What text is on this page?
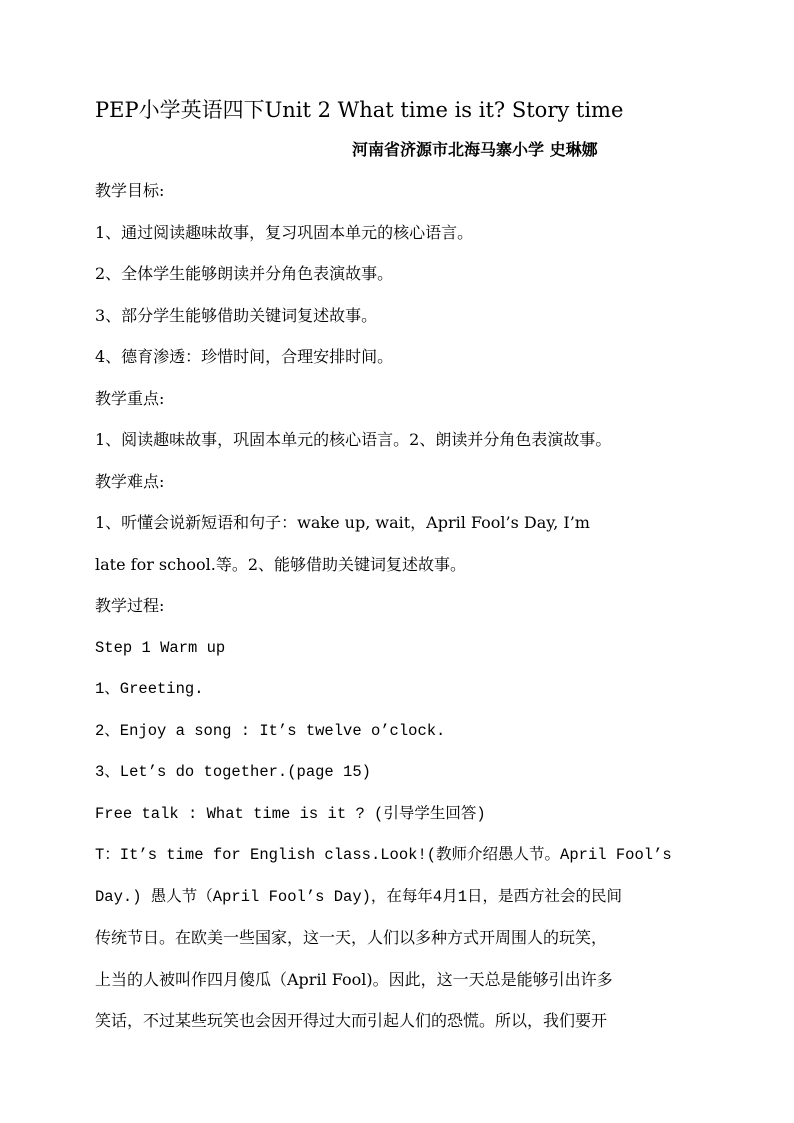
PEP小学英语四下Unit 2 What time is it? Story time
河南省济源市北海马寨小学 史琳娜
教学目标:
1、通过阅读趣味故事，复习巩固本单元的核心语言。
2、全体学生能够朗读并分角色表演故事。
3、部分学生能够借助关键词复述故事。
4、德育渗透：珍惜时间，合理安排时间。
教学重点:
1、阅读趣味故事，巩固本单元的核心语言。2、朗读并分角色表演故事。
教学难点:
1、听懂会说新短语和句子：wake up, wait，April Fool’s Day, I’m
late for school.等。2、能够借助关键词复述故事。
教学过程:
Step 1 Warm up
1、Greeting.
2、Enjoy a song : It’s twelve o’clock.
3、Let’s do together.(page 15)
Free talk : What time is it ? (引导学生回答)
T：It’s time for English class.Look!(教师介绍愚人节。April Fool’s
Day.) 愚人节（April Fool’s Day)，在每年4月1日，是西方社会的民间
传统节日。在欧美一些国家，这一天，人们以多种方式开周围人的玩笑，
上当的人被叫作四月傻瓜（April Fool)。因此，这一天总是能够引出许多
笑话，不过某些玩笑也会因开得过大而引起人们的恐慌。所以，我们要开
